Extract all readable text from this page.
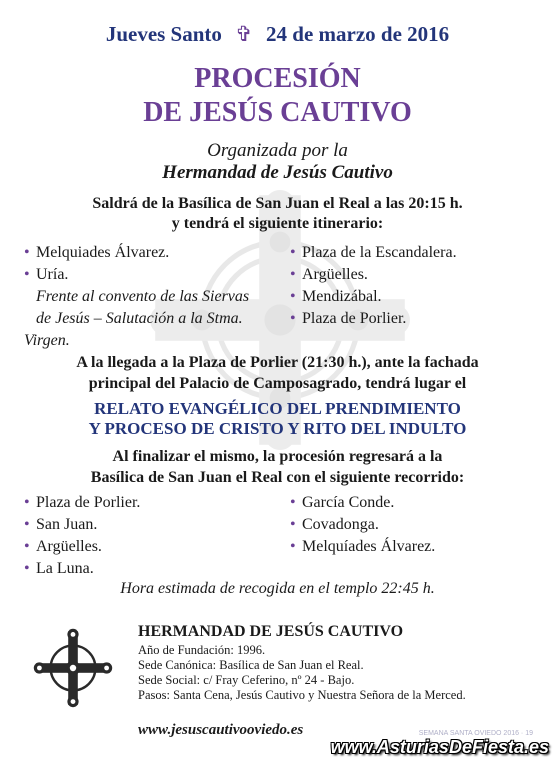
Jueves Santo ✞ 24 de marzo de 2016
PROCESIÓN
DE JESÚS CAUTIVO
Organizada por la
Hermandad de Jesús Cautivo
Saldrá de la Basílica de San Juan el Real a las 20:15 h.
y tendrá el siguiente itinerario:
• Melquiades Álvarez.
• Uría.
Frente al convento de las Siervas
de Jesús – Salutación a la Stma.
Virgen.
• Plaza de la Escandalera.
• Argüelles.
• Mendizábal.
• Plaza de Porlier.
A la llegada a la Plaza de Porlier (21:30 h.), ante la fachada
principal del Palacio de Camposagrado, tendrá lugar el
RELATO EVANGÉLICO DEL PRENDIMIENTO
Y PROCESO DE CRISTO Y RITO DEL INDULTO
Al finalizar el mismo, la procesión regresará a la
Basílica de San Juan el Real con el siguiente recorrido:
• Plaza de Porlier.
• San Juan.
• Argüelles.
• La Luna.
• García Conde.
• Covadonga.
• Melquíades Álvarez.
Hora estimada de recogida en el templo 22:45 h.
HERMANDAD DE JESÚS CAUTIVO
Año de Fundación: 1996.
Sede Canónica: Basílica de San Juan el Real.
Sede Social: c/ Fray Ceferino, nº 24 - Bajo.
Pasos: Santa Cena, Jesús Cautivo y Nuestra Señora de la Merced.
www.jesuscautivooviedo.es	SEMANA SANTA OVIEDO 2016 · 19
www.AsturiasDeFiesta.es
